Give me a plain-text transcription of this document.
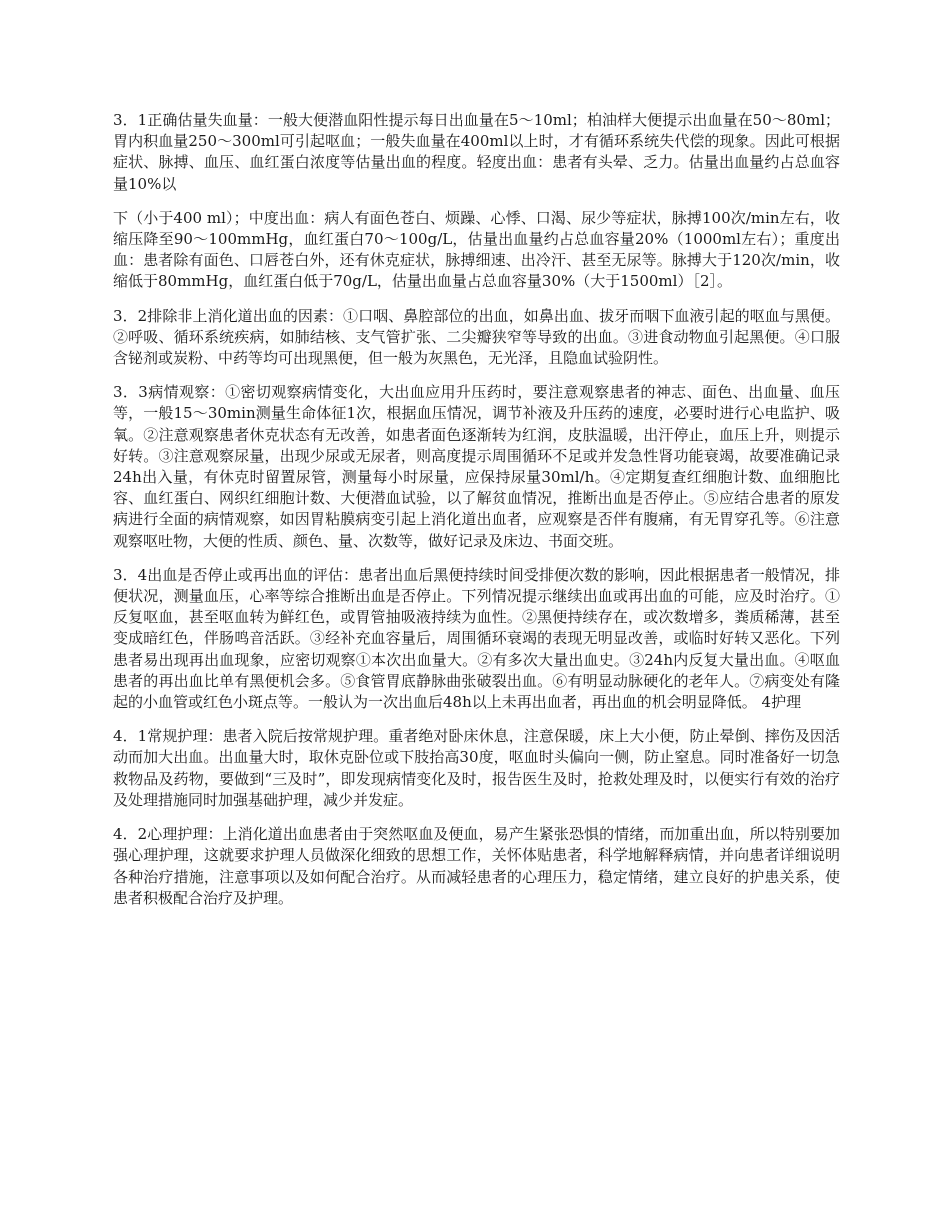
3．1正确估量失血量：一般大便潜血阳性提示每日出血量在5～10ml；柏油样大便提示出血量在50～80ml；胃内积血量250～300ml可引起呕血；一般失血量在400ml以上时，才有循环系统失代偿的现象。因此可根据症状、脉搏、血压、血红蛋白浓度等估量出血的程度。轻度出血：患者有头晕、乏力。估量出血量约占总血容量10%以

下（小于400 ml）；中度出血：病人有面色苍白、烦躁、心悸、口渴、尿少等症状，脉搏100次/min左右，收缩压降至90～100mmHg，血红蛋白70～100g/L，估量出血量约占总血容量20%（1000ml左右）；重度出血：患者除有面色、口唇苍白外，还有休克症状，脉搏细速、出冷汗、甚至无尿等。脉搏大于120次/min，收缩低于80mmHg，血红蛋白低于70g/L，估量出血量占总血容量30%（大于1500ml）［2］。

3．2排除非上消化道出血的因素：①口咽、鼻腔部位的出血，如鼻出血、拔牙而咽下血液引起的呕血与黑便。②呼吸、循环系统疾病，如肺结核、支气管扩张、二尖瓣狭窄等导致的出血。③进食动物血引起黑便。④口服含铋剂或炭粉、中药等均可出现黑便，但一般为灰黑色，无光泽，且隐血试验阴性。

3．3病情观察：①密切观察病情变化，大出血应用升压药时，要注意观察患者的神志、面色、出血量、血压等，一般15～30min测量生命体征1次，根据血压情况，调节补液及升压药的速度，必要时进行心电监护、吸氧。②注意观察患者休克状态有无改善，如患者面色逐渐转为红润，皮肤温暖，出汗停止，血压上升，则提示好转。③注意观察尿量，出现少尿或无尿者，则高度提示周围循环不足或并发急性肾功能衰竭，故要准确记录24h出入量，有休克时留置尿管，测量每小时尿量，应保持尿量30ml/h。④定期复查红细胞计数、血细胞比容、血红蛋白、网织红细胞计数、大便潜血试验，以了解贫血情况，推断出血是否停止。⑤应结合患者的原发病进行全面的病情观察，如因胃粘膜病变引起上消化道出血者，应观察是否伴有腹痛，有无胃穿孔等。⑥注意观察呕吐物，大便的性质、颜色、量、次数等，做好记录及床边、书面交班。

3．4出血是否停止或再出血的评估：患者出血后黑便持续时间受排便次数的影响，因此根据患者一般情况，排便状况，测量血压，心率等综合推断出血是否停止。下列情况提示继续出血或再出血的可能，应及时治疗。①反复呕血，甚至呕血转为鲜红色，或胃管抽吸液持续为血性。②黑便持续存在，或次数增多，粪质稀薄，甚至变成暗红色，伴肠鸣音活跃。③经补充血容量后，周围循环衰竭的表现无明显改善，或临时好转又恶化。下列患者易出现再出血现象，应密切观察①本次出血量大。②有多次大量出血史。③24h内反复大量出血。④呕血患者的再出血比单有黑便机会多。⑤食管胃底静脉曲张破裂出血。⑥有明显动脉硬化的老年人。⑦病变处有隆起的小血管或红色小斑点等。一般认为一次出血后48h以上未再出血者，再出血的机会明显降低。 4护理

4．1常规护理：患者入院后按常规护理。重者绝对卧床休息，注意保暖，床上大小便，防止晕倒、摔伤及因活动而加大出血。出血量大时，取休克卧位或下肢抬高30度，呕血时头偏向一侧，防止窒息。同时准备好一切急救物品及药物，要做到“三及时”，即发现病情变化及时，报告医生及时，抢救处理及时，以便实行有效的治疗及处理措施同时加强基础护理，减少并发症。

4．2心理护理：上消化道出血患者由于突然呕血及便血，易产生紧张恐惧的情绪，而加重出血，所以特别要加强心理护理，这就要求护理人员做深化细致的思想工作，关怀体贴患者，科学地解释病情，并向患者详细说明各种治疗措施，注意事项以及如何配合治疗。从而减轻患者的心理压力，稳定情绪，建立良好的护患关系，使患者积极配合治疗及护理。
